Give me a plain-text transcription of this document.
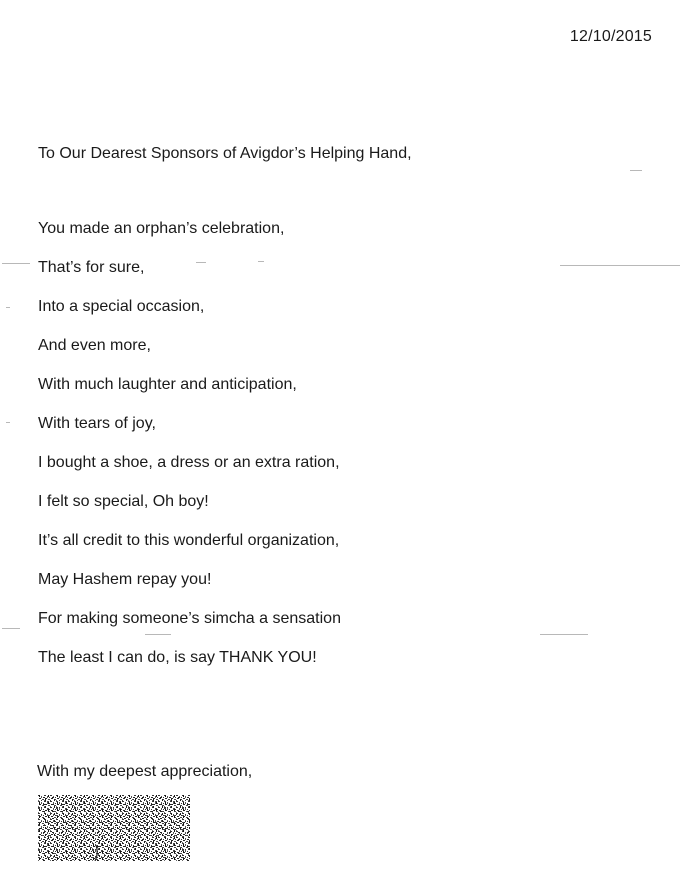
12/10/2015
To Our Dearest Sponsors of Avigdor’s Helping Hand,
You made an orphan’s celebration,
That’s for sure,
Into a special occasion,
And even more,
With much laughter and anticipation,
With tears of joy,
I bought a shoe, a dress or an extra ration,
I felt so special, Oh boy!
It’s all credit to this wonderful organization,
May Hashem repay you!
For making someone’s simcha a sensation
The least I can do, is say THANK YOU!
With my deepest appreciation,
